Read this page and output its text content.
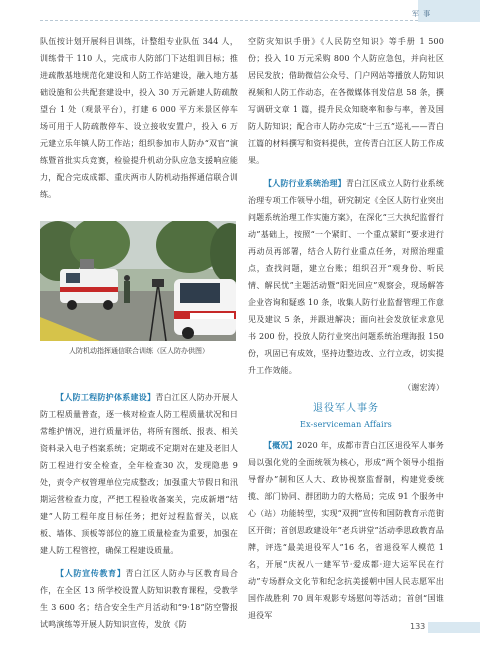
军 事

队伍按计划开展科目训练，计整组专业队伍 344 人，训练骨干 110 人，完成市人防部门下达组训目标；推进疏散基地规范化建设和人防工作站建设，融入地方基础设施和公共配套建设中，投入 30 万元新建人防疏散望台 1 处（观景平台），打建 6 000 平方米景区停车场可用于人防疏散停车、设立接收安置户，投入 6 万元建立乐年镇人防工作站；组织参加市人防办“双盲”演练暨首批实兵竞赛，检验提升机动分队应急支援响应能力，配合完成成都、重庆两市人防机动指挥通信联合训练。

【人防工程防护体系建设】青白江区人防办开展人防工程质量普查，逐一核对检查人防工程质量状况和日常维护情况，进行质量评估，将所有图纸、报表、相关资料录入电子档案系统；定期或不定期对在建及老旧人防工程进行安全检查，全年检查30 次，发现隐患 9 处，责令产权管理单位完成整改；加强重大节假日和汛期运营检查力度，严把工程验收备案关，完成新增“结建”人防工程年度目标任务；把好过程监督关，以底板、墙体、顶板等部位的施工质量检查为重要，加强在建人防工程管控，确保工程建设质量。

【人防宣传教育】青白江区人防办与区教育局合作，在全区 13 所学校设置人防知识教育课程，受教学生 3 600 名；结合安全生产月活动和“9·18”防空警报试鸣演练等开展人防知识宣传，发放《防

人防机动指挥通信联合训练（区人防办供图）

空防灾知识手册》《人民防空知识》等手册 1 500 份；投入 10 万元采购 800 个人防应急包，并向社区居民发放；借助微信公众号、门户网站等播放人防知识视频和人防工作动态，在各微媒体刊发信息 58 条，撰写调研文章 1 篇，提升民众知晓率和参与率，普及国防人防知识；配合市人防办完成“十三五”巡礼——青白江篇的材料撰写和资料提供，宣传青白江区人防工作成果。

【人防行业系统治理】青白江区成立人防行业系统治理专项工作领导小组，研究制定《全区人防行业突出问题系统治理工作实施方案》，在深化“三大执纪监督行动”基础上，按照“一个紧盯、一个重点紧盯”要求进行再动员再部署，结合人防行业重点任务，对照治理重点，查找问题，建立台账；组织召开“观身份、听民情、解民忧”主题活动暨“阳光回应”观察会，现场解答企业咨询和疑惑 10 条，收集人防行业监督管理工作意见及建议 5 条，并跟进解决；面向社会发放征求意见书 200 份，投放人防行业突出问题系统治理海报 150 份，巩固已有成效，坚持边整边改、立行立改，切实提升工作效能。

（谢宏涛）

退役军人事务
Ex-serviceman Affairs

【概况】2020 年，成都市青白江区退役军人事务局以强化党的全面统领为核心，形成“两个领导小组指导督办”制和区人大、政协视察监督制，构建党委统揽、部门协同、群团助力的大格局；完成 91 个服务中心（站）功能转型，实现“双拥”宣传和国防教育示范街区开街；首创思政建设年“老兵讲堂”活动季思政教育品牌，评选“最美退役军人”16 名，省退役军人模范 1 名，开展“庆祝八一建军节·爱成都·迎大运军民在行动”专场群众文化节和纪念抗美援朝中国人民志愿军出国作战胜利 70 周年观影专场慰问等活动；首创“国谁退役军

133
